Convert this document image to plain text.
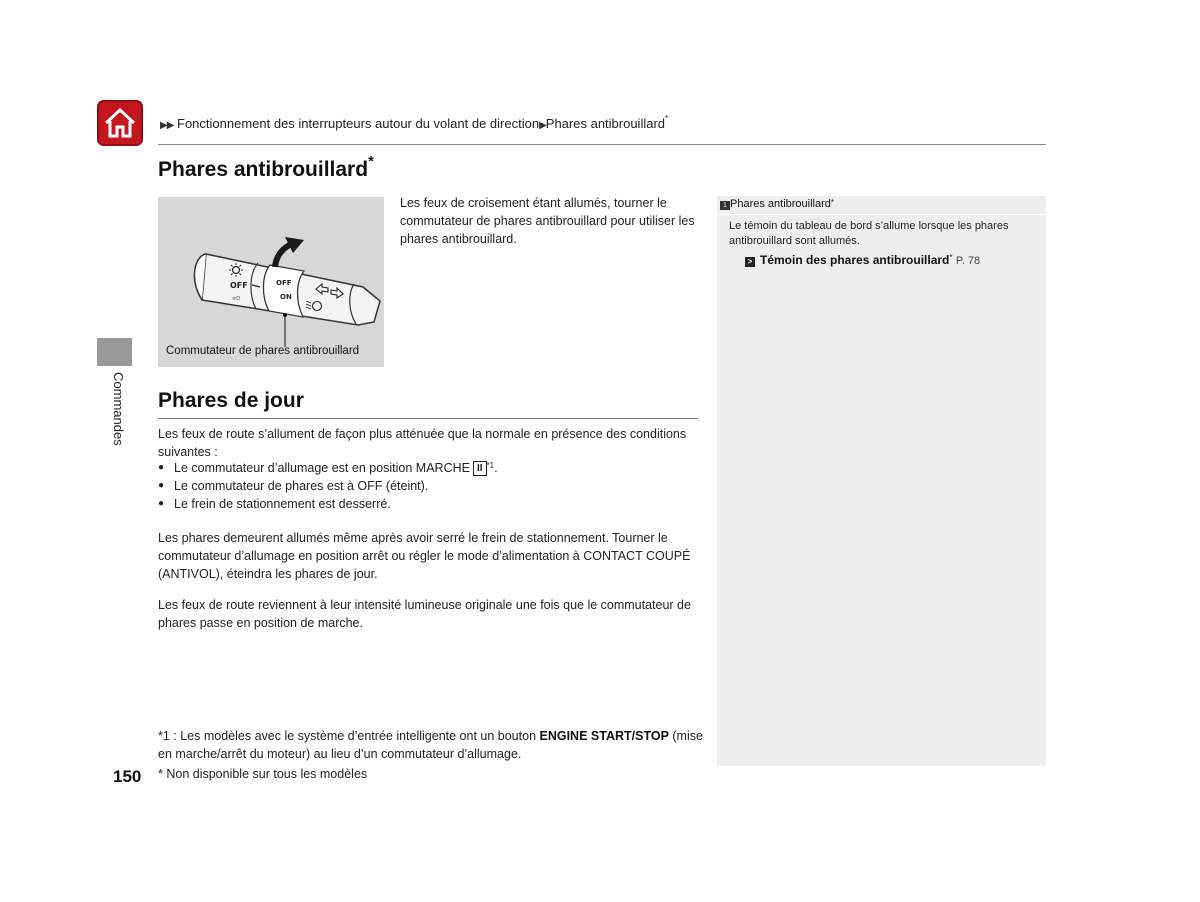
▶▶ Fonctionnement des interrupteurs autour du volant de direction▶Phares antibrouillard*
Commandes
Phares antibrouillard*
OFF
≡D
OFF
ON
Commutateur de phares antibrouillard

Les feux de croisement étant allumés, tourner le commutateur de phares antibrouillard pour utiliser les phares antibrouillard.

Phares de jour

Les feux de route s’allument de façon plus atténuée que la normale en présence des conditions suivantes :

● Le commutateur d’allumage est en position MARCHE II $^{*1}$.
● Le commutateur de phares est à OFF (éteint).
● Le frein de stationnement est desserré.

Les phares demeurent allumés même après avoir serré le frein de stationnement. Tourner le commutateur d’allumage en position arrêt ou régler le mode d’alimentation à CONTACT COUPÉ (ANTIVOL), éteindra les phares de jour.

Les feux de route reviennent à leur intensité lumineuse originale une fois que le commutateur de phares passe en position de marche.

*1 : Les modèles avec le système d’entrée intelligente ont un bouton ENGINE START/STOP (mise en marche/arrêt du moteur) au lieu d’un commutateur d’allumage.

150 * Non disponible sur tous les modèles
1 Phares antibrouillard*
Le témoin du tableau de bord s’allume lorsque les phares antibrouillard sont allumés.
> Témoin des phares antibrouillard* P. 78
